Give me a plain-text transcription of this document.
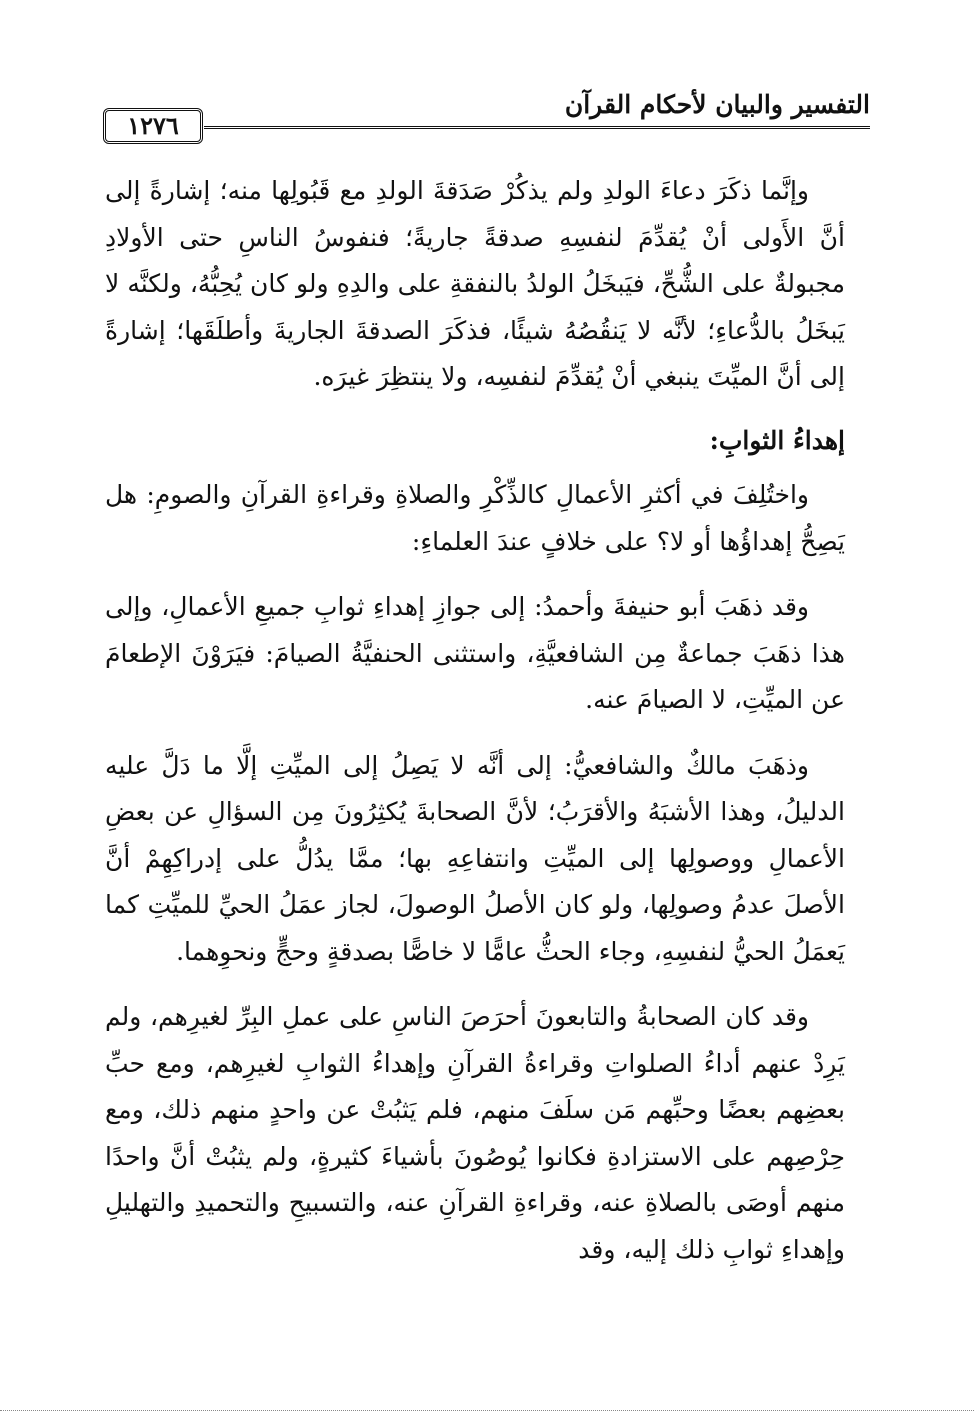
التفسير والبيان لأحكام القرآن
١٢٧٦

وإنَّما ذكَرَ دعاءَ الولدِ ولم يذكُرْ صَدَقةَ الولدِ مع قَبُولِها منه؛ إشارةً إلى أنَّ الأَولى أنْ يُقدِّمَ لنفسِهِ صدقةً جاريةً؛ فنفوسُ الناسِ حتى الأولادِ مجبولةٌ على الشُّحِّ، فيَبخَلُ الولدُ بالنفقةِ على والدِهِ ولو كان يُحِبُّهُ، ولكنَّه لا يَبخَلُ بالدُّعاءِ؛ لأنَّه لا يَنقُصُهُ شيئًا، فذكَرَ الصدقةَ الجاريةَ وأطلَقَها؛ إشارةً إلى أنَّ الميِّتَ ينبغي أنْ يُقدِّمَ لنفسِه، ولا ينتظِرَ غيرَه.

إهداءُ الثوابِ:

واختُلِفَ في أكثرِ الأعمالِ كالذِّكْرِ والصلاةِ وقراءةِ القرآنِ والصومِ: هل يَصِحُّ إهداؤُها أو لا؟ على خلافٍ عندَ العلماءِ:

وقد ذهَبَ أبو حنيفةَ وأحمدُ: إلى جوازِ إهداءِ ثوابِ جميعِ الأعمالِ، وإلى هذا ذهَبَ جماعةٌ مِن الشافعيَّةِ، واستثنى الحنفيَّةُ الصيامَ: فيَرَوْنَ الإطعامَ عن الميِّتِ، لا الصيامَ عنه.

وذهَبَ مالكٌ والشافعيُّ: إلى أنَّه لا يَصِلُ إلى الميِّتِ إلَّا ما دَلَّ عليه الدليلُ، وهذا الأشبَهُ والأقرَبُ؛ لأنَّ الصحابةَ يُكثِرُونَ مِن السؤالِ عن بعضِ الأعمالِ ووصولِها إلى الميِّتِ وانتفاعِهِ بها؛ ممَّا يدُلُّ على إدراكِهِمْ أنَّ الأصلَ عدمُ وصولِها، ولو كان الأصلُ الوصولَ، لجاز عمَلُ الحيِّ للميِّتِ كما يَعمَلُ الحيُّ لنفسِهِ، وجاء الحثُّ عامًّا لا خاصًّا بصدقةٍ وحجٍّ ونحوِهما.

وقد كان الصحابةُ والتابعونَ أحرَصَ الناسِ على عملِ البِرِّ لغيرِهم، ولم يَرِدْ عنهم أداءُ الصلواتِ وقراءةُ القرآنِ وإهداءُ الثوابِ لغيرِهم، ومع حبِّ بعضِهم بعضًا وحبِّهم مَن سلَفَ منهم، فلم يَثبُتْ عن واحدٍ منهم ذلك، ومع حِرْصِهم على الاستزادةِ فكانوا يُوصُونَ بأشياءَ كثيرةٍ، ولم يثبُتْ أنَّ واحدًا منهم أوصَى بالصلاةِ عنه، وقراءةِ القرآنِ عنه، والتسبيحِ والتحميدِ والتهليلِ وإهداءِ ثوابِ ذلك إليه، وقد
